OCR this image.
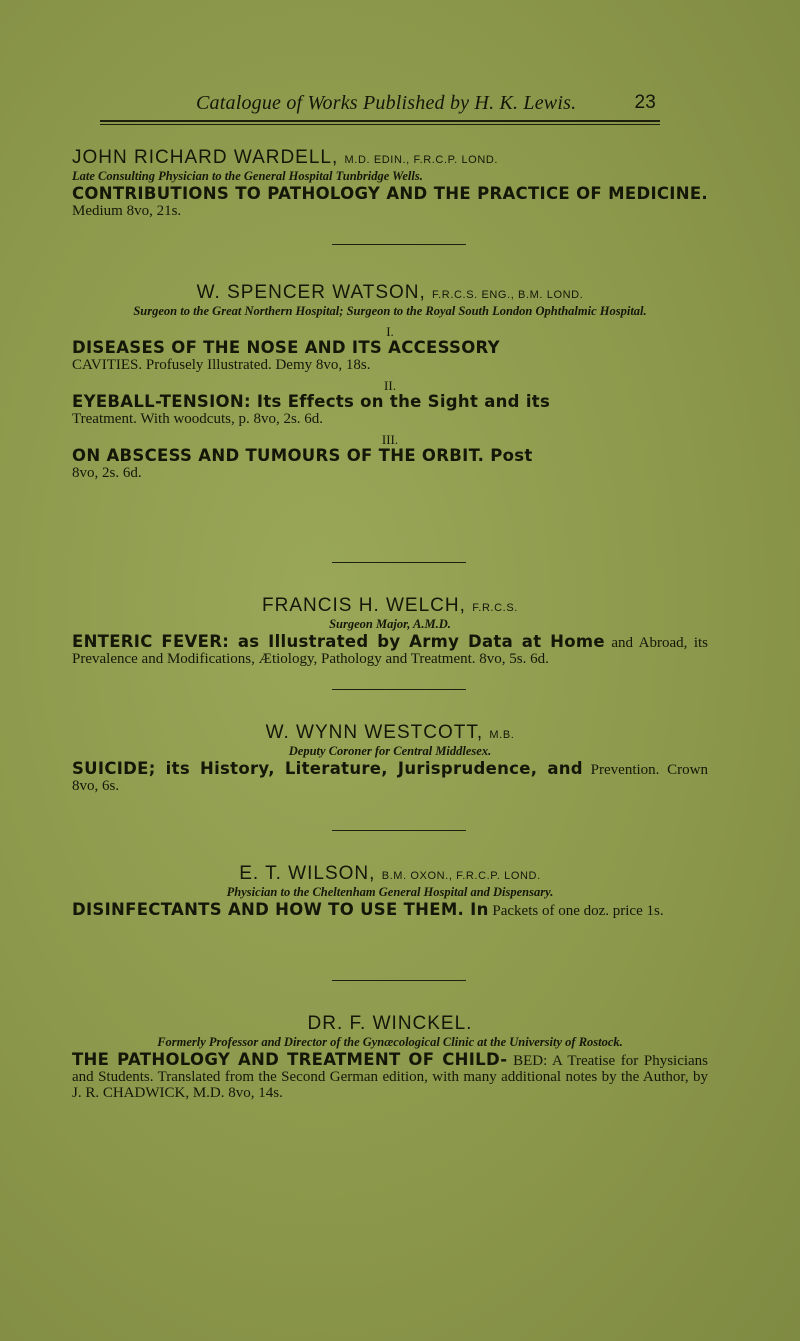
Catalogue of Works Published by H. K. Lewis.	23
JOHN RICHARD WARDELL, M.D. EDIN., F.R.C.P. LOND.
Late Consulting Physician to the General Hospital Tunbridge Wells.
CONTRIBUTIONS TO PATHOLOGY AND THE PRACTICE OF MEDICINE. Medium 8vo, 21s.
W. SPENCER WATSON, F.R.C.S. ENG., B.M. LOND.
Surgeon to the Great Northern Hospital; Surgeon to the Royal South London Ophthalmic Hospital.
I.
DISEASES OF THE NOSE AND ITS ACCESSORY
CAVITIES. Profusely Illustrated. Demy 8vo, 18s.
II.
EYEBALL-TENSION: Its Effects on the Sight and its
Treatment. With woodcuts, p. 8vo, 2s. 6d.
III.
ON ABSCESS AND TUMOURS OF THE ORBIT. Post
8vo, 2s. 6d.
FRANCIS H. WELCH, F.R.C.S.
Surgeon Major, A.M.D.
ENTERIC FEVER: as Illustrated by Army Data at Home and Abroad, its Prevalence and Modifications, Ætiology, Pathology and Treatment. 8vo, 5s. 6d.
W. WYNN WESTCOTT, M.B.
Deputy Coroner for Central Middlesex.
SUICIDE; its History, Literature, Jurisprudence, and Prevention. Crown 8vo, 6s.
E. T. WILSON, B.M. OXON., F.R.C.P. LOND.
Physician to the Cheltenham General Hospital and Dispensary.
DISINFECTANTS AND HOW TO USE THEM. In Packets of one doz. price 1s.
DR. F. WINCKEL.
Formerly Professor and Director of the Gynæcological Clinic at the University of Rostock.
THE PATHOLOGY AND TREATMENT OF CHILD- BED: A Treatise for Physicians and Students. Translated from the Second German edition, with many additional notes by the Author, by J. R. CHADWICK, M.D. 8vo, 14s.
